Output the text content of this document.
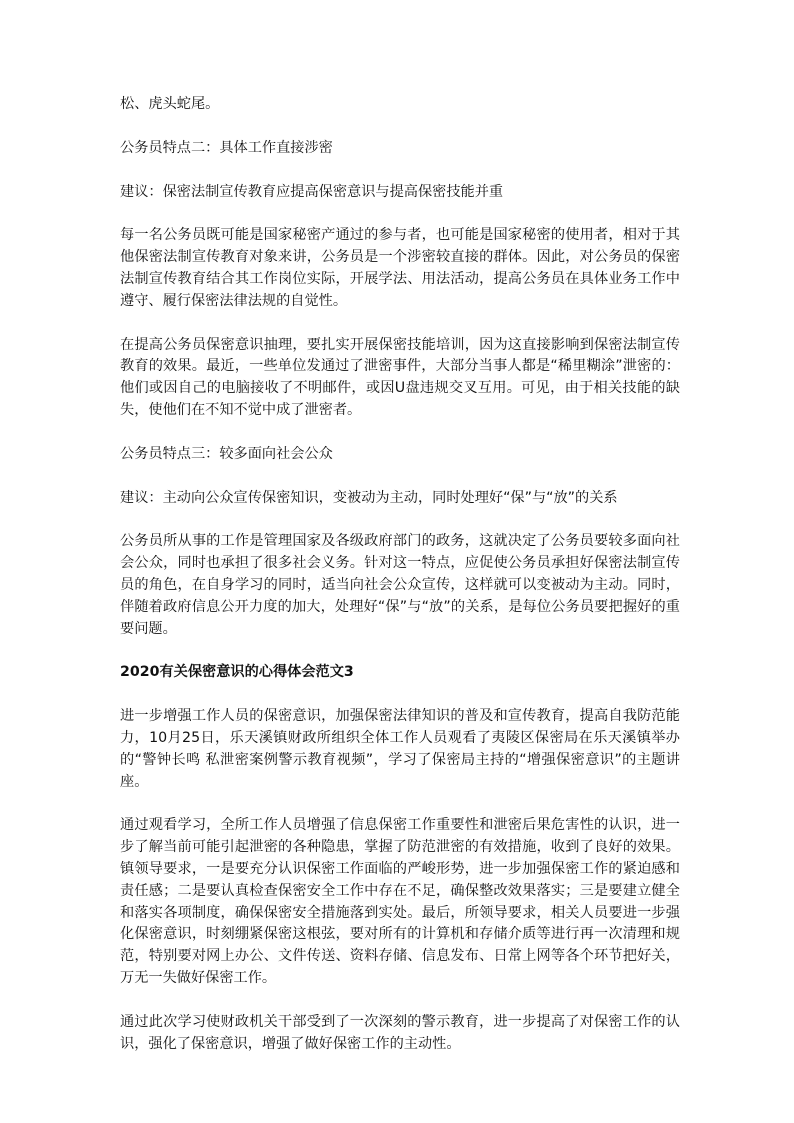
松、虎头蛇尾。

公务员特点二：具体工作直接涉密

建议：保密法制宣传教育应提高保密意识与提高保密技能并重

每一名公务员既可能是国家秘密产通过的参与者，也可能是国家秘密的使用者，相对于其他保密法制宣传教育对象来讲，公务员是一个涉密较直接的群体。因此，对公务员的保密法制宣传教育结合其工作岗位实际，开展学法、用法活动，提高公务员在具体业务工作中遵守、履行保密法律法规的自觉性。

在提高公务员保密意识抽理，要扎实开展保密技能培训，因为这直接影响到保密法制宣传教育的效果。最近，一些单位发通过了泄密事件，大部分当事人都是“稀里糊涂”泄密的：他们或因自己的电脑接收了不明邮件，或因U盘违规交叉互用。可见，由于相关技能的缺失，使他们在不知不觉中成了泄密者。

公务员特点三：较多面向社会公众

建议：主动向公众宣传保密知识，变被动为主动，同时处理好“保”与“放”的关系

公务员所从事的工作是管理国家及各级政府部门的政务，这就决定了公务员要较多面向社会公众，同时也承担了很多社会义务。针对这一特点，应促使公务员承担好保密法制宣传员的角色，在自身学习的同时，适当向社会公众宣传，这样就可以变被动为主动。同时，伴随着政府信息公开力度的加大，处理好“保”与“放”的关系，是每位公务员要把握好的重要问题。

2020有关保密意识的心得体会范文3

进一步增强工作人员的保密意识，加强保密法律知识的普及和宣传教育，提高自我防范能力，10月25日，乐天溪镇财政所组织全体工作人员观看了夷陵区保密局在乐天溪镇举办的“警钟长鸣 私泄密案例警示教育视频”，学习了保密局主持的“增强保密意识”的主题讲座。

通过观看学习，全所工作人员增强了信息保密工作重要性和泄密后果危害性的认识，进一步了解当前可能引起泄密的各种隐患，掌握了防范泄密的有效措施，收到了良好的效果。镇领导要求，一是要充分认识保密工作面临的严峻形势，进一步加强保密工作的紧迫感和责任感；二是要认真检查保密安全工作中存在不足，确保整改效果落实；三是要建立健全和落实各项制度，确保保密安全措施落到实处。最后，所领导要求，相关人员要进一步强化保密意识，时刻绷紧保密这根弦，要对所有的计算机和存储介质等进行再一次清理和规范，特别要对网上办公、文件传送、资料存储、信息发布、日常上网等各个环节把好关，万无一失做好保密工作。

通过此次学习使财政机关干部受到了一次深刻的警示教育，进一步提高了对保密工作的认识，强化了保密意识，增强了做好保密工作的主动性。
